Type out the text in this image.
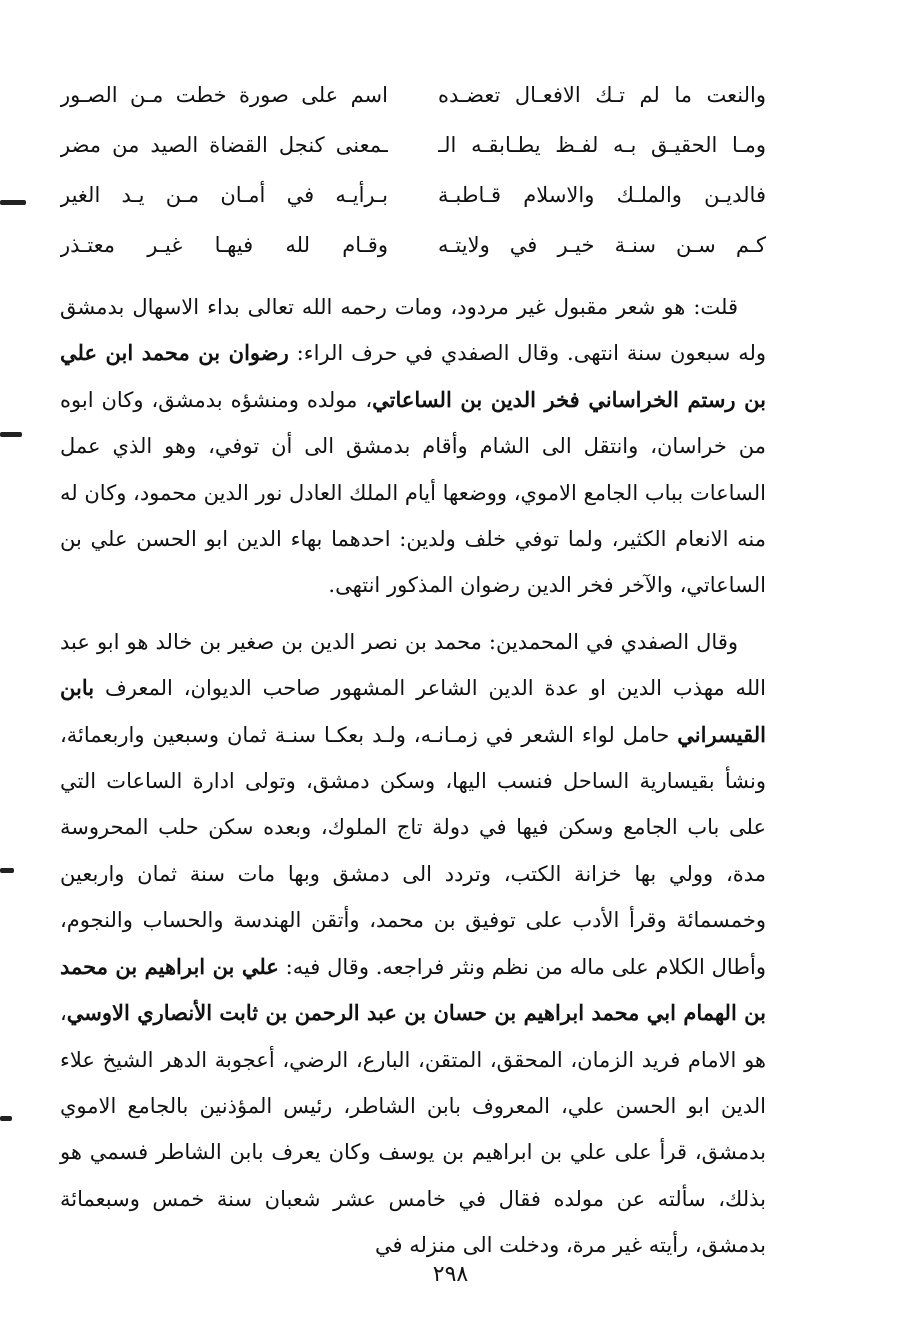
والنعت ما لم تـك الافعـال تعضـده
اسم على صورة خطت مـن الصـور
ومـا الحقيـق بـه لفـظ يطـابقـه الـ
ـمعنى كنجل القضاة الصيد من مضر
فالديـن والملـك والاسلام قـاطبـة
بـرأيـه في أمـان مـن يـد الغير
كـم سـن سنـة خيـر في ولايتـه
وقـام لله فيهـا غيـر معتـذر

قلت: هو شعر مقبول غير مردود، ومات رحمه الله تعالى بداء الاسهال بدمشق وله سبعون سنة انتهى. وقال الصفدي في حرف الراء: رضوان بن محمد ابن علي بن رستم الخراساني فخر الدين بن الساعاتي، مولده ومنشؤه بدمشق، وكان ابوه من خراسان، وانتقل الى الشام وأقام بدمشق الى أن توفي، وهو الذي عمل الساعات بباب الجامع الاموي، ووضعها أيام الملك العادل نور الدين محمود، وكان له منه الانعام الكثير، ولما توفي خلف ولدين: احدهما بهاء الدين ابو الحسن علي بن الساعاتي، والآخر فخر الدين رضوان المذكور انتهى.

وقال الصفدي في المحمدين: محمد بن نصر الدين بن صغير بن خالد هو ابو عبد الله مهذب الدين او عدة الدين الشاعر المشهور صاحب الديوان، المعرف بابن القيسراني حامل لواء الشعر في زمـانـه، ولـد بعكـا سنـة ثمان وسبعين واربعمائة، ونشأ بقيسارية الساحل فنسب اليها، وسكن دمشق، وتولى ادارة الساعات التي على باب الجامع وسكن فيها في دولة تاج الملوك، وبعده سكن حلب المحروسة مدة، وولي بها خزانة الكتب، وتردد الى دمشق وبها مات سنة ثمان واربعين وخمسمائة وقرأ الأدب على توفيق بن محمد، وأتقن الهندسة والحساب والنجوم، وأطال الكلام على ماله من نظم ونثر فراجعه. وقال فيه: علي بن ابراهيم بن محمد بن الهمام ابي محمد ابراهيم بن حسان بن عبد الرحمن بن ثابت الأنصاري الاوسي، هو الامام فريد الزمان، المحقق، المتقن، البارع، الرضي، أعجوبة الدهر الشيخ علاء الدين ابو الحسن علي، المعروف بابن الشاطر، رئيس المؤذنين بالجامع الاموي بدمشق، قرأ على علي بن ابراهيم بن يوسف وكان يعرف بابن الشاطر فسمي هو بذلك، سألته عن مولده فقال في خامس عشر شعبان سنة خمس وسبعمائة بدمشق، رأيته غير مرة، ودخلت الى منزله في

٢٩٨
